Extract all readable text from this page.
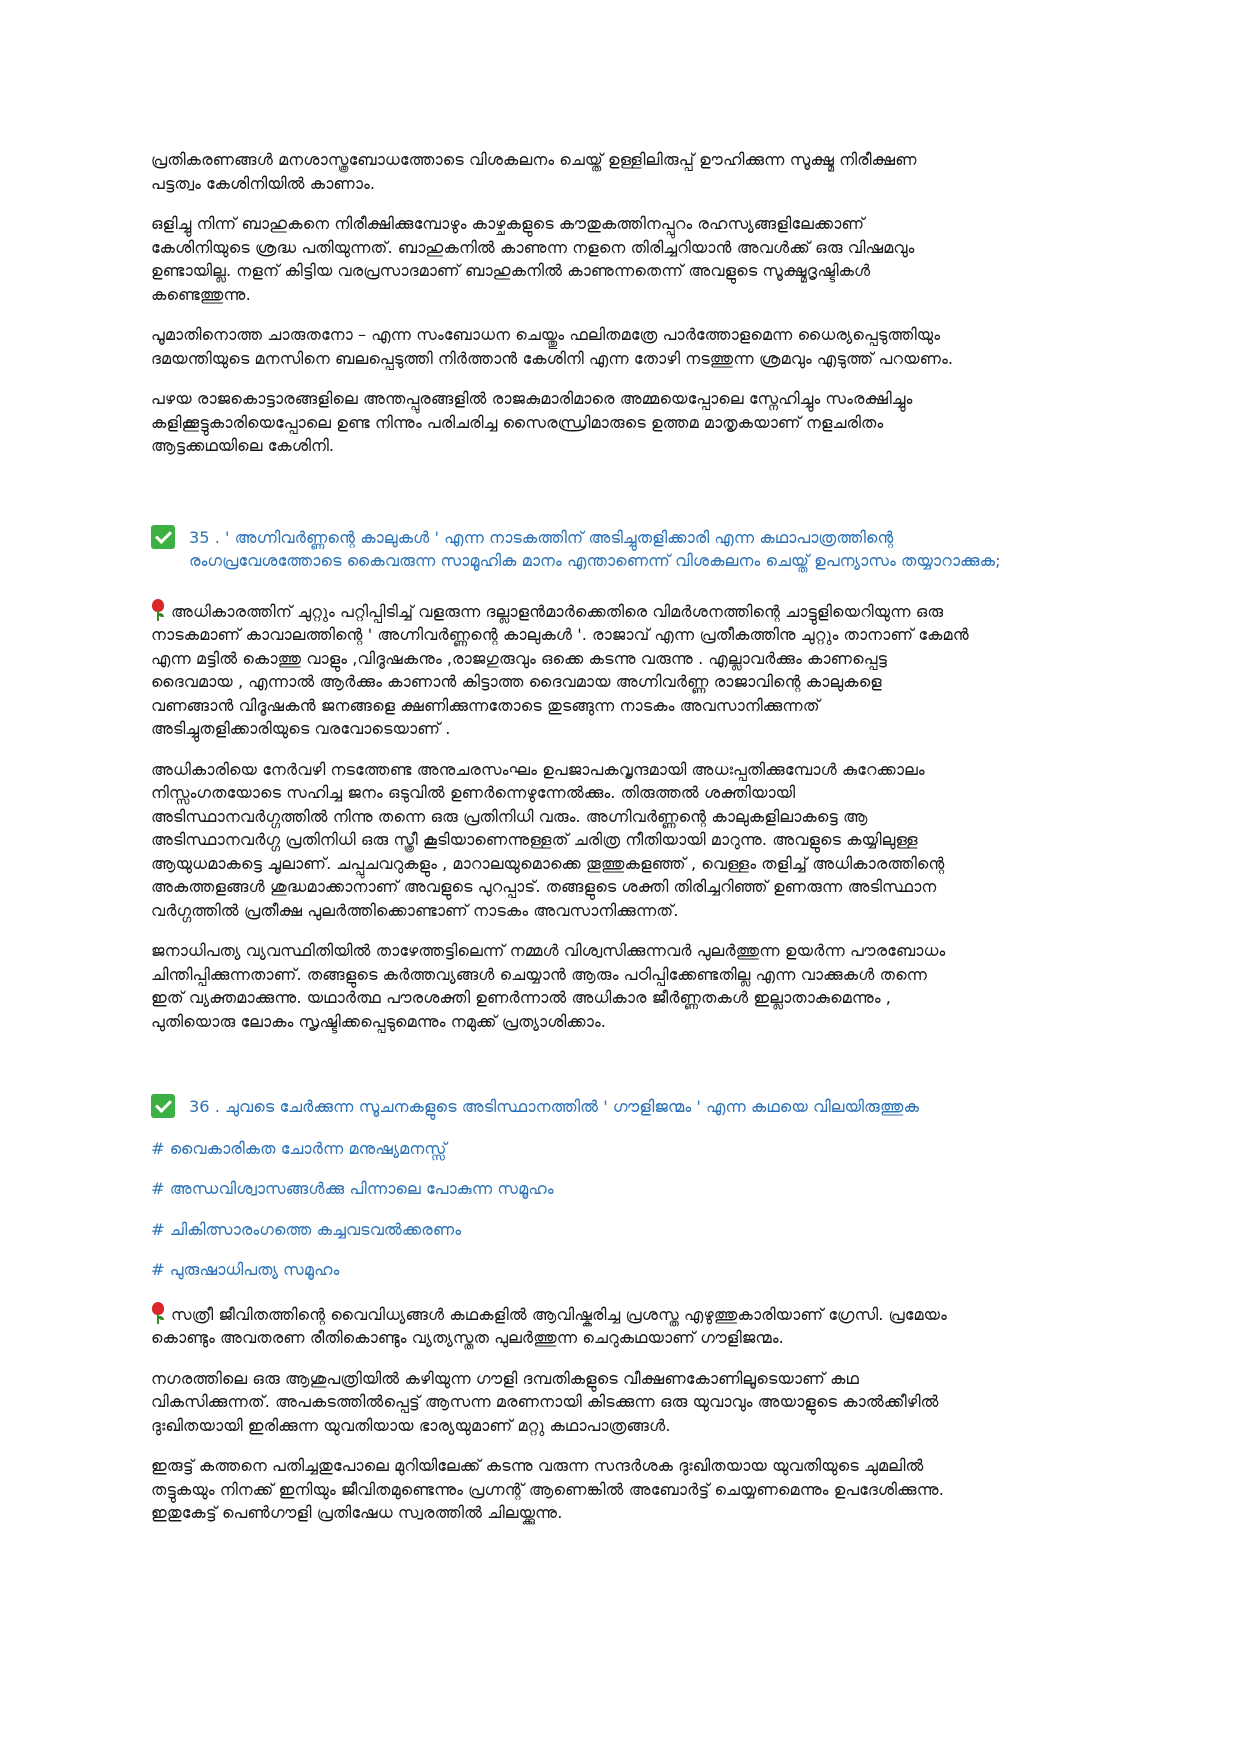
പ്രതികരണങ്ങൾ മനശാസ്ത്രബോധത്തോടെ വിശകലനം ചെയ്ത് ഉള്ളിലിരുപ്പ് ഊഹിക്കുന്ന സൂക്ഷ്മ നിരീക്ഷണ
പട്ടത്വം കേശിനിയിൽ കാണാം.

ഒളിച്ചു നിന്ന് ബാഹുകനെ നിരീക്ഷിക്കുമ്പോഴും കാഴ്ചകളുടെ കൗതുകത്തിനപ്പുറം രഹസ്യങ്ങളിലേക്കാണ്
കേശിനിയുടെ ശ്രദ്ധ പതിയുന്നത്. ബാഹുകനിൽ കാണുന്ന നളനെ തിരിച്ചറിയാൻ അവൾക്ക് ഒരു വിഷമവും
ഉണ്ടായില്ല. നളന് കിട്ടിയ വരപ്രസാദമാണ് ബാഹുകനിൽ കാണുന്നതെന്ന് അവളുടെ സൂക്ഷ്മദൃഷ്ടികൾ
കണ്ടെത്തുന്നു.

പൂമാതിനൊത്ത ചാരുതനോ – എന്ന സംബോധന ചെയ്തും ഫലിതമത്രേ പാർത്തോളമെന്ന ധൈര്യപ്പെടുത്തിയും
ദമയന്തിയുടെ മനസിനെ ബലപ്പെടുത്തി നിർത്താൻ കേശിനി എന്ന തോഴി നടത്തുന്ന ശ്രമവും എടുത്ത് പറയണം.

പഴയ രാജകൊട്ടാരങ്ങളിലെ അന്തപ്പുരങ്ങളിൽ രാജകുമാരിമാരെ അമ്മയെപ്പോലെ സ്നേഹിച്ചും സംരക്ഷിച്ചും
കളിക്കൂട്ടുകാരിയെപ്പോലെ ഉണ്ട നിന്നും പരിചരിച്ച സൈരന്ധ്രിമാരുടെ ഉത്തമ മാതൃകയാണ് നളചരിതം
ആട്ടക്കഥയിലെ കേശിനി.

35 . ' അഗ്നിവർണ്ണന്റെ കാലുകൾ ' എന്ന നാടകത്തിന് അടിച്ചുതളിക്കാരി എന്ന കഥാപാത്രത്തിന്റെ
രംഗപ്രവേശത്തോടെ കൈവരുന്ന സാമൂഹിക മാനം എന്താണെന്ന് വിശകലനം ചെയ്ത് ഉപന്യാസം തയ്യാറാക്കുക;

അധികാരത്തിന് ചുറ്റും പറ്റിപ്പിടിച്ച് വളരുന്ന ദല്ലാളൻമാർക്കെതിരെ വിമർശനത്തിന്റെ ചാട്ടുളിയെറിയുന്ന ഒരു
നാടകമാണ് കാവാലത്തിന്റെ ' അഗ്നിവർണ്ണന്റെ കാലുകൾ '. രാജാവ് എന്ന പ്രതീകത്തിനു ചുറ്റും താനാണ് കേമൻ
എന്ന മട്ടിൽ കൊത്തു വാളും ,വിദൂഷകനും ,രാജഗുരുവും ഒക്കെ കടന്നു വരുന്നു . എല്ലാവർക്കും കാണപ്പെട്ട
ദൈവമായ , എന്നാൽ ആർക്കും കാണാൻ കിട്ടാത്ത ദൈവമായ അഗ്നിവർണ്ണ രാജാവിന്റെ കാലുകളെ
വണങ്ങാൻ വിദൂഷകൻ ജനങ്ങളെ ക്ഷണിക്കുന്നതോടെ തുടങ്ങുന്ന നാടകം അവസാനിക്കുന്നത്
അടിച്ചുതളിക്കാരിയുടെ വരവോടെയാണ് .

അധികാരിയെ നേർവഴി നടത്തേണ്ട അനുചരസംഘം ഉപജാപകവൃന്ദമായി അധഃപ്പതിക്കുമ്പോൾ കുറേക്കാലം
നിസ്സംഗതയോടെ സഹിച്ച ജനം ഒടുവിൽ ഉണർന്നെഴുന്നേൽക്കും. തിരുത്തൽ ശക്തിയായി
അടിസ്ഥാനവർഗ്ഗത്തിൽ നിന്നു തന്നെ ഒരു പ്രതിനിധി വരും. അഗ്നിവർണ്ണന്റെ കാലുകളിലാകട്ടെ ആ
അടിസ്ഥാനവർഗ്ഗ പ്രതിനിധി ഒരു സ്ത്രീ കൂടിയാണെന്നുള്ളത് ചരിത്ര നീതിയായി മാറുന്നു. അവളുടെ കയ്യിലുള്ള
ആയുധമാകട്ടെ ചൂലാണ്. ചപ്പുചവറുകളും , മാറാലയുമൊക്കെ തൂത്തുകളഞ്ഞ് , വെള്ളം തളിച്ച് അധികാരത്തിന്റെ
അകത്തളങ്ങൾ ശുദ്ധമാക്കാനാണ് അവളുടെ പുറപ്പാട്. തങ്ങളുടെ ശക്തി തിരിച്ചറിഞ്ഞ് ഉണരുന്ന അടിസ്ഥാന
വർഗ്ഗത്തിൽ പ്രതീക്ഷ പുലർത്തിക്കൊണ്ടാണ് നാടകം അവസാനിക്കുന്നത്.

ജനാധിപത്യ വ്യവസ്ഥിതിയിൽ താഴേത്തട്ടിലെന്ന് നമ്മൾ വിശ്വസിക്കുന്നവർ പുലർത്തുന്ന ഉയർന്ന പൗരബോധം
ചിന്തിപ്പിക്കുന്നതാണ്. തങ്ങളുടെ കർത്തവ്യങ്ങൾ ചെയ്യാൻ ആരും പഠിപ്പിക്കേണ്ടതില്ല എന്ന വാക്കുകൾ തന്നെ
ഇത് വ്യക്തമാക്കുന്നു. യഥാർത്ഥ പൗരശക്തി ഉണർന്നാൽ അധികാര ജീർണ്ണതകൾ ഇല്ലാതാകുമെന്നും ,
പുതിയൊരു ലോകം സൃഷ്ടിക്കപ്പെടുമെന്നും നമുക്ക് പ്രത്യാശിക്കാം.

36 . ചുവടെ ചേർക്കുന്ന സൂചനകളുടെ അടിസ്ഥാനത്തിൽ ' ഗൗളിജന്മം ' എന്ന കഥയെ വിലയിരുത്തുക

# വൈകാരികത ചോർന്ന മനുഷ്യമനസ്സ്

# അന്ധവിശ്വാസങ്ങൾക്കു പിന്നാലെ പോകുന്ന സമൂഹം

# ചികിത്സാരംഗത്തെ കച്ചവടവൽക്കരണം

# പുരുഷാധിപത്യ സമൂഹം

സത്രീ ജീവിതത്തിന്റെ വൈവിധ്യങ്ങൾ കഥകളിൽ ആവിഷ്കരിച്ച പ്രശസ്ത എഴുത്തുകാരിയാണ് ഗ്രേസി. പ്രമേയം
കൊണ്ടും അവതരണ രീതികൊണ്ടും വ്യത്യസ്തത പുലർത്തുന്ന ചെറുകഥയാണ് ഗൗളിജന്മം.

നഗരത്തിലെ ഒരു ആശുപത്രിയിൽ കഴിയുന്ന ഗൗളി ദമ്പതികളുടെ വീക്ഷണകോണിലൂടെയാണ് കഥ
വികസിക്കുന്നത്. അപകടത്തിൽപ്പെട്ട് ആസന്ന മരണനായി കിടക്കുന്ന ഒരു യുവാവും അയാളുടെ കാൽക്കീഴിൽ
ദുഃഖിതയായി ഇരിക്കുന്ന യുവതിയായ ഭാര്യയുമാണ് മറ്റു കഥാപാത്രങ്ങൾ.

ഇരുട്ട് കത്തനെ പതിച്ചതുപോലെ മുറിയിലേക്ക് കടന്നു വരുന്ന സന്ദർശക ദുഃഖിതയായ യുവതിയുടെ ചുമലിൽ
തട്ടുകയും നിനക്ക് ഇനിയും ജീവിതമുണ്ടെന്നും പ്രഗ്നന്റ് ആണെങ്കിൽ അബോർട്ട് ചെയ്യണമെന്നും ഉപദേശിക്കുന്നു.
ഇതുകേട്ട് പെൺഗൗളി പ്രതിഷേധ സ്വരത്തിൽ ചിലയ്ക്കുന്നു.
